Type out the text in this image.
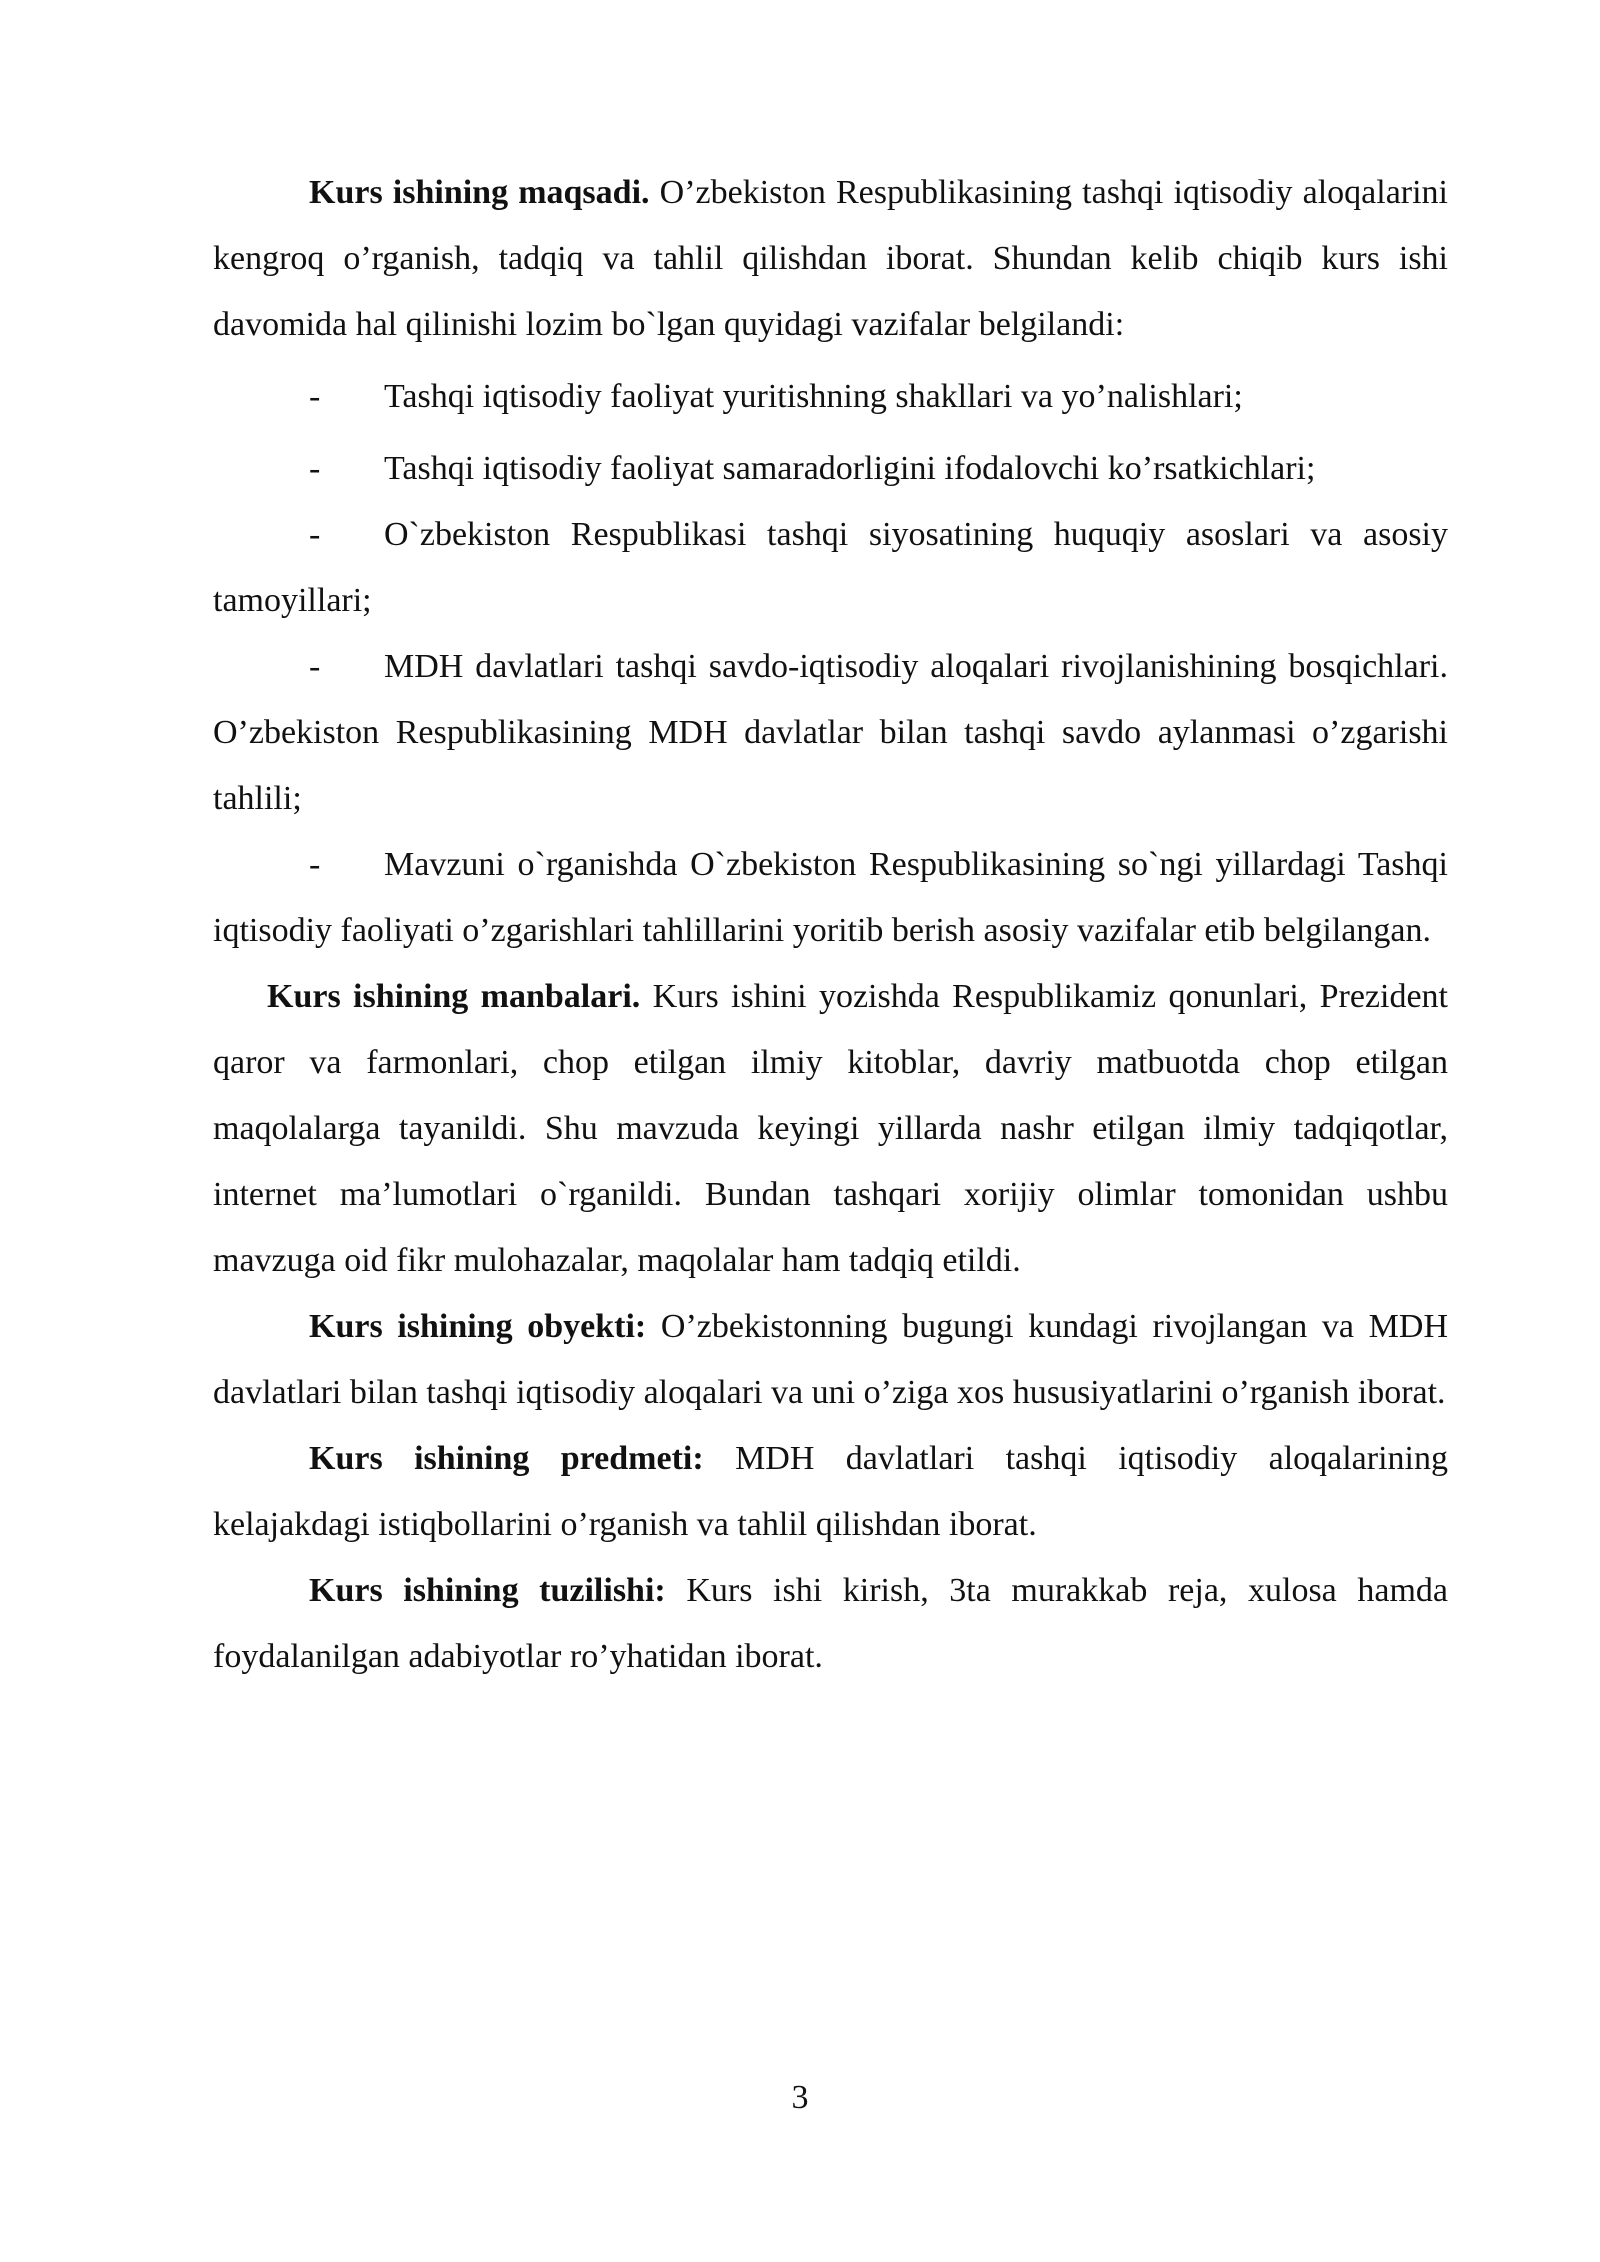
Kurs ishining maqsadi. O’zbekiston Respublikasining tashqi iqtisodiy aloqalarini kengroq o’rganish, tadqiq va tahlil qilishdan iborat. Shundan kelib chiqib kurs ishi davomida hal qilinishi lozim bo`lgan quyidagi vazifalar belgilandi:

- Tashqi iqtisodiy faoliyat yuritishning shakllari va yo’nalishlari;

- Tashqi iqtisodiy faoliyat samaradorligini ifodalovchi ko’rsatkichlari;

- O`zbekiston Respublikasi tashqi siyosatining huquqiy asoslari va asosiy tamoyillari;

- MDH davlatlari tashqi savdo-iqtisodiy aloqalari rivojlanishining bosqichlari. O’zbekiston Respublikasining MDH davlatlar bilan tashqi savdo aylanmasi o’zgarishi tahlili;

- Mavzuni o`rganishda O`zbekiston Respublikasining so`ngi yillardagi Tashqi iqtisodiy faoliyati o’zgarishlari tahlillarini yoritib berish asosiy vazifalar etib belgilangan.

Kurs ishining manbalari. Kurs ishini yozishda Respublikamiz qonunlari, Prezident qaror va farmonlari, chop etilgan ilmiy kitoblar, davriy matbuotda chop etilgan maqolalarga tayanildi. Shu mavzuda keyingi yillarda nashr etilgan ilmiy tadqiqotlar, internet ma’lumotlari o`rganildi. Bundan tashqari xorijiy olimlar tomonidan ushbu mavzuga oid fikr mulohazalar, maqolalar ham tadqiq etildi.

Kurs ishining obyekti: O’zbekistonning bugungi kundagi rivojlangan va MDH davlatlari bilan tashqi iqtisodiy aloqalari va uni o’ziga xos hususiyatlarini o’rganish iborat.

Kurs ishining predmeti: MDH davlatlari tashqi iqtisodiy aloqalarining kelajakdagi istiqbollarini o’rganish va tahlil qilishdan iborat.

Kurs ishining tuzilishi: Kurs ishi kirish, 3ta murakkab reja, xulosa hamda foydalanilgan adabiyotlar ro’yhatidan iborat.

3
